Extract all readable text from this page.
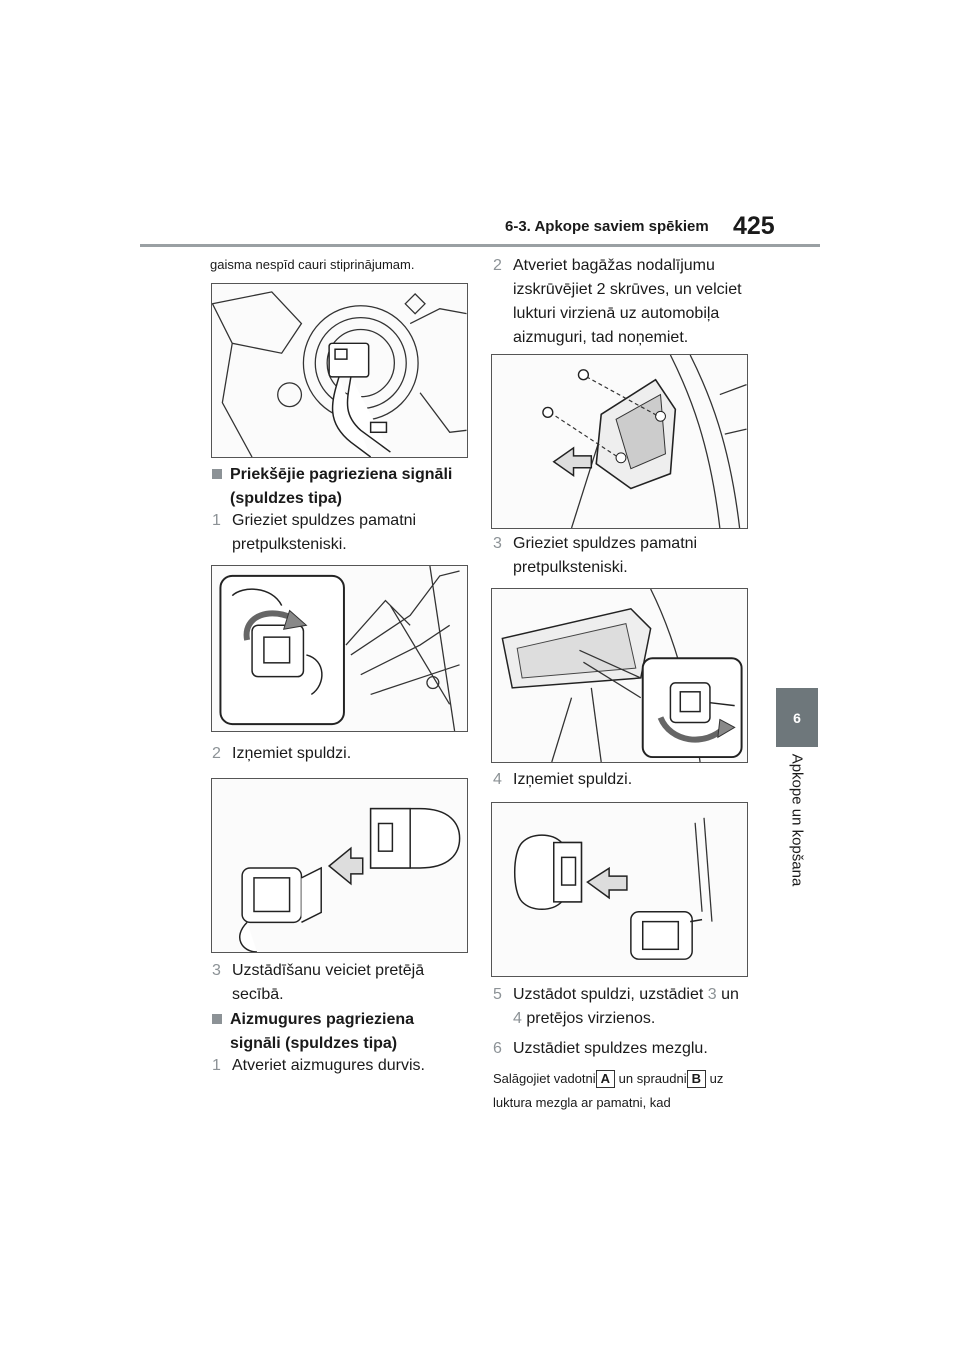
6-3. Apkope saviem spēkiem 425
6
Apkope un kopšana
gaisma nespīd cauri stiprinājumam.
Priekšējie pagrieziena signāli
(spuldzes tipa)
1 Grieziet spuldzes pamatni
pretpulksteniski.
2 Izņemiet spuldzi.
3 Uzstādīšanu veiciet pretējā
secībā.
Aizmugures pagrieziena
signāli (spuldzes tipa)
1 Atveriet aizmugures durvis.
2 Atveriet bagāžas nodalījumu
izskrūvējiet 2 skrūves, un velciet
lukturi virzienā uz automobiļa
aizmuguri, tad noņemiet.
3 Grieziet spuldzes pamatni
pretpulksteniski.
4 Izņemiet spuldzi.
5 Uzstādot spuldzi, uzstādiet 3 un
4 pretējos virzienos.
6 Uzstādiet spuldzes mezglu.
Salāgojiet vadotni A un spraudni B uz
luktura mezgla ar pamatni, kad
